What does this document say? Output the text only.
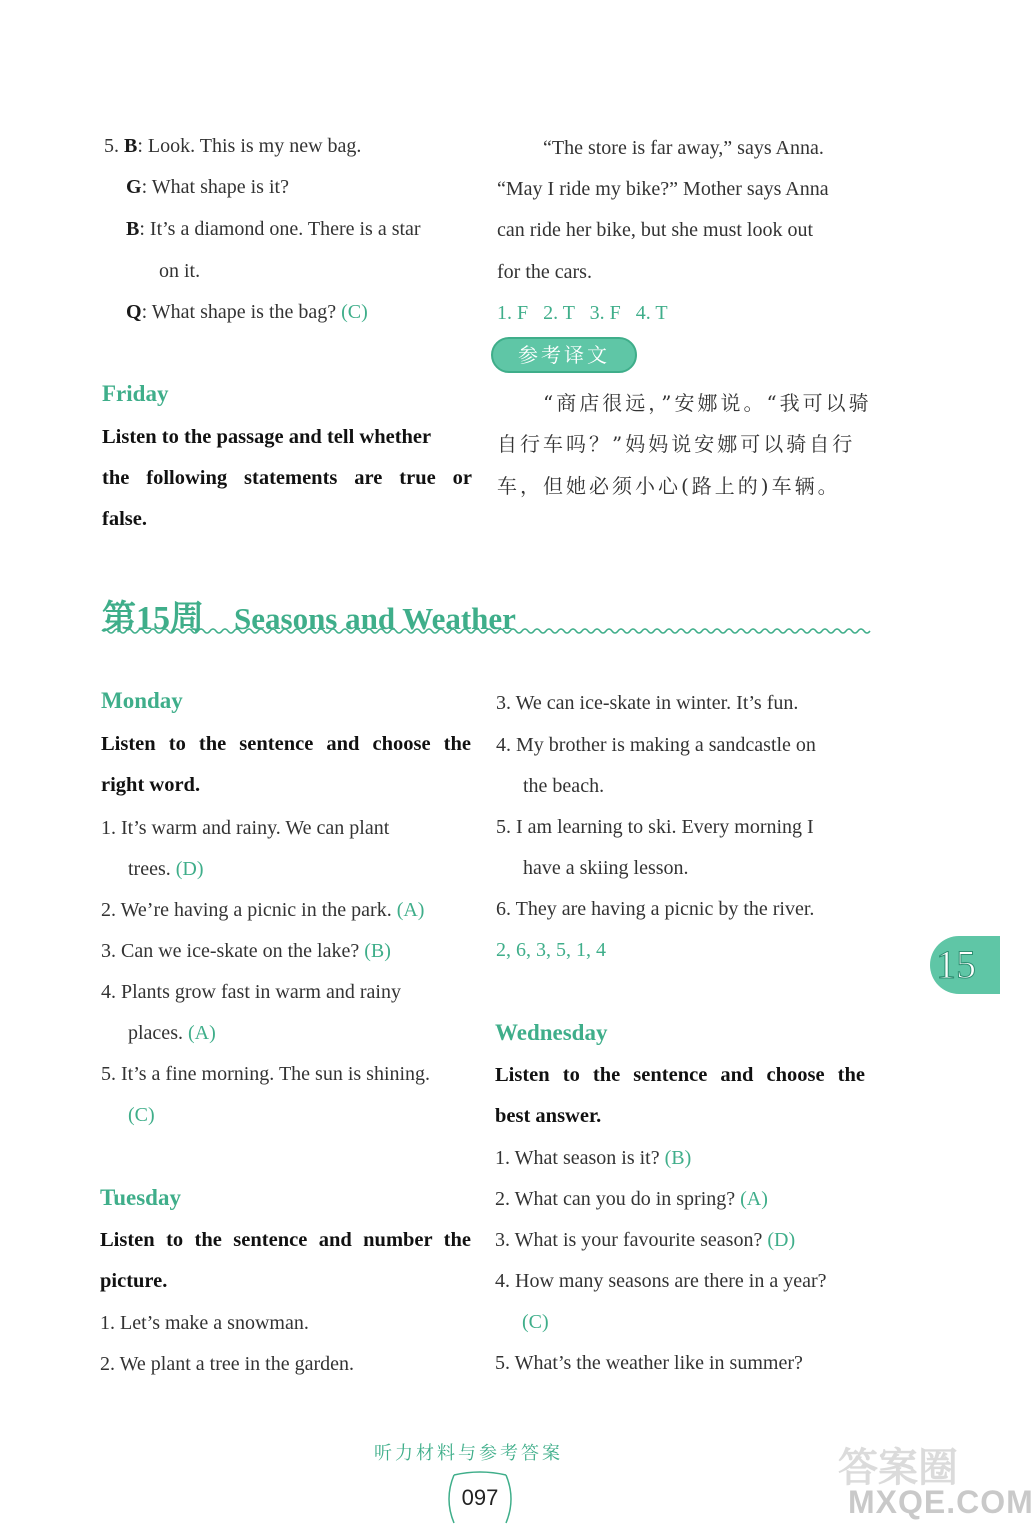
5. B: Look. This is my new bag.
G: What shape is it?
B: It’s a diamond one. There is a star
on it.
Q: What shape is the bag? (C)
Friday
Listen to the passage and tell whether
the following statements are true or
false.
“The store is far away,” says Anna.
“May I ride my bike?” Mother says Anna
can ride her bike, but she must look out
for the cars.
1. F   2. T   3. F   4. T
参考译文
“商店很远，”安娜说。“我可以骑
自行车吗？”妈妈说安娜可以骑自行
车，但她必须小心(路上的)车辆。
第15周 Seasons and Weather
Monday
Listen to the sentence and choose the
right word.
1. It’s warm and rainy. We can plant
trees. (D)
2. We’re having a picnic in the park. (A)
3. Can we ice-skate on the lake? (B)
4. Plants grow fast in warm and rainy
places. (A)
5. It’s a fine morning. The sun is shining.
(C)
Tuesday
Listen to the sentence and number the
picture.
1. Let’s make a snowman.
2. We plant a tree in the garden.
3. We can ice-skate in winter. It’s fun.
4. My brother is making a sandcastle on
the beach.
5. I am learning to ski. Every morning I
have a skiing lesson.
6. They are having a picnic by the river.
2, 6, 3, 5, 1, 4
Wednesday
Listen to the sentence and choose the
best answer.
1. What season is it? (B)
2. What can you do in spring? (A)
3. What is your favourite season? (D)
4. How many seasons are there in a year?
(C)
5. What’s the weather like in summer?
15
听力材料与参考答案
097
答案圈
MXQE.COM
